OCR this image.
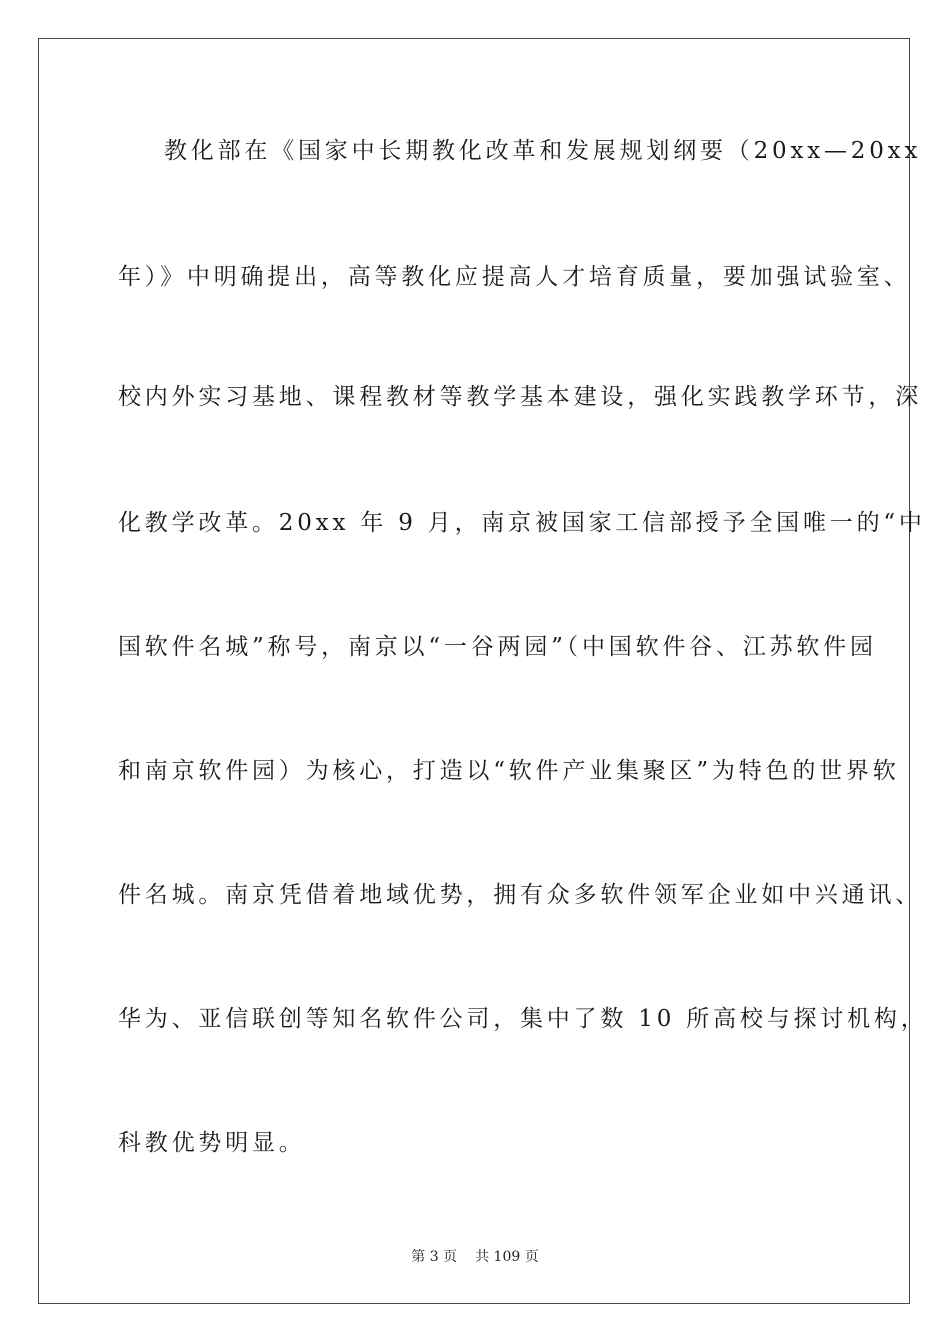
教化部在《国家中长期教化改革和发展规划纲要（20xx—20xx
年）》中明确提出，高等教化应提高人才培育质量，要加强试验室、
校内外实习基地、课程教材等教学基本建设，强化实践教学环节，深
化教学改革。20xx 年 9 月，南京被国家工信部授予全国唯一的“中
国软件名城”称号，南京以“一谷两园”（中国软件谷、江苏软件园
和南京软件园）为核心，打造以“软件产业集聚区”为特色的世界软
件名城。南京凭借着地域优势，拥有众多软件领军企业如中兴通讯、
华为、亚信联创等知名软件公司，集中了数 10 所高校与探讨机构，
科教优势明显。
第 3 页 共 109 页
